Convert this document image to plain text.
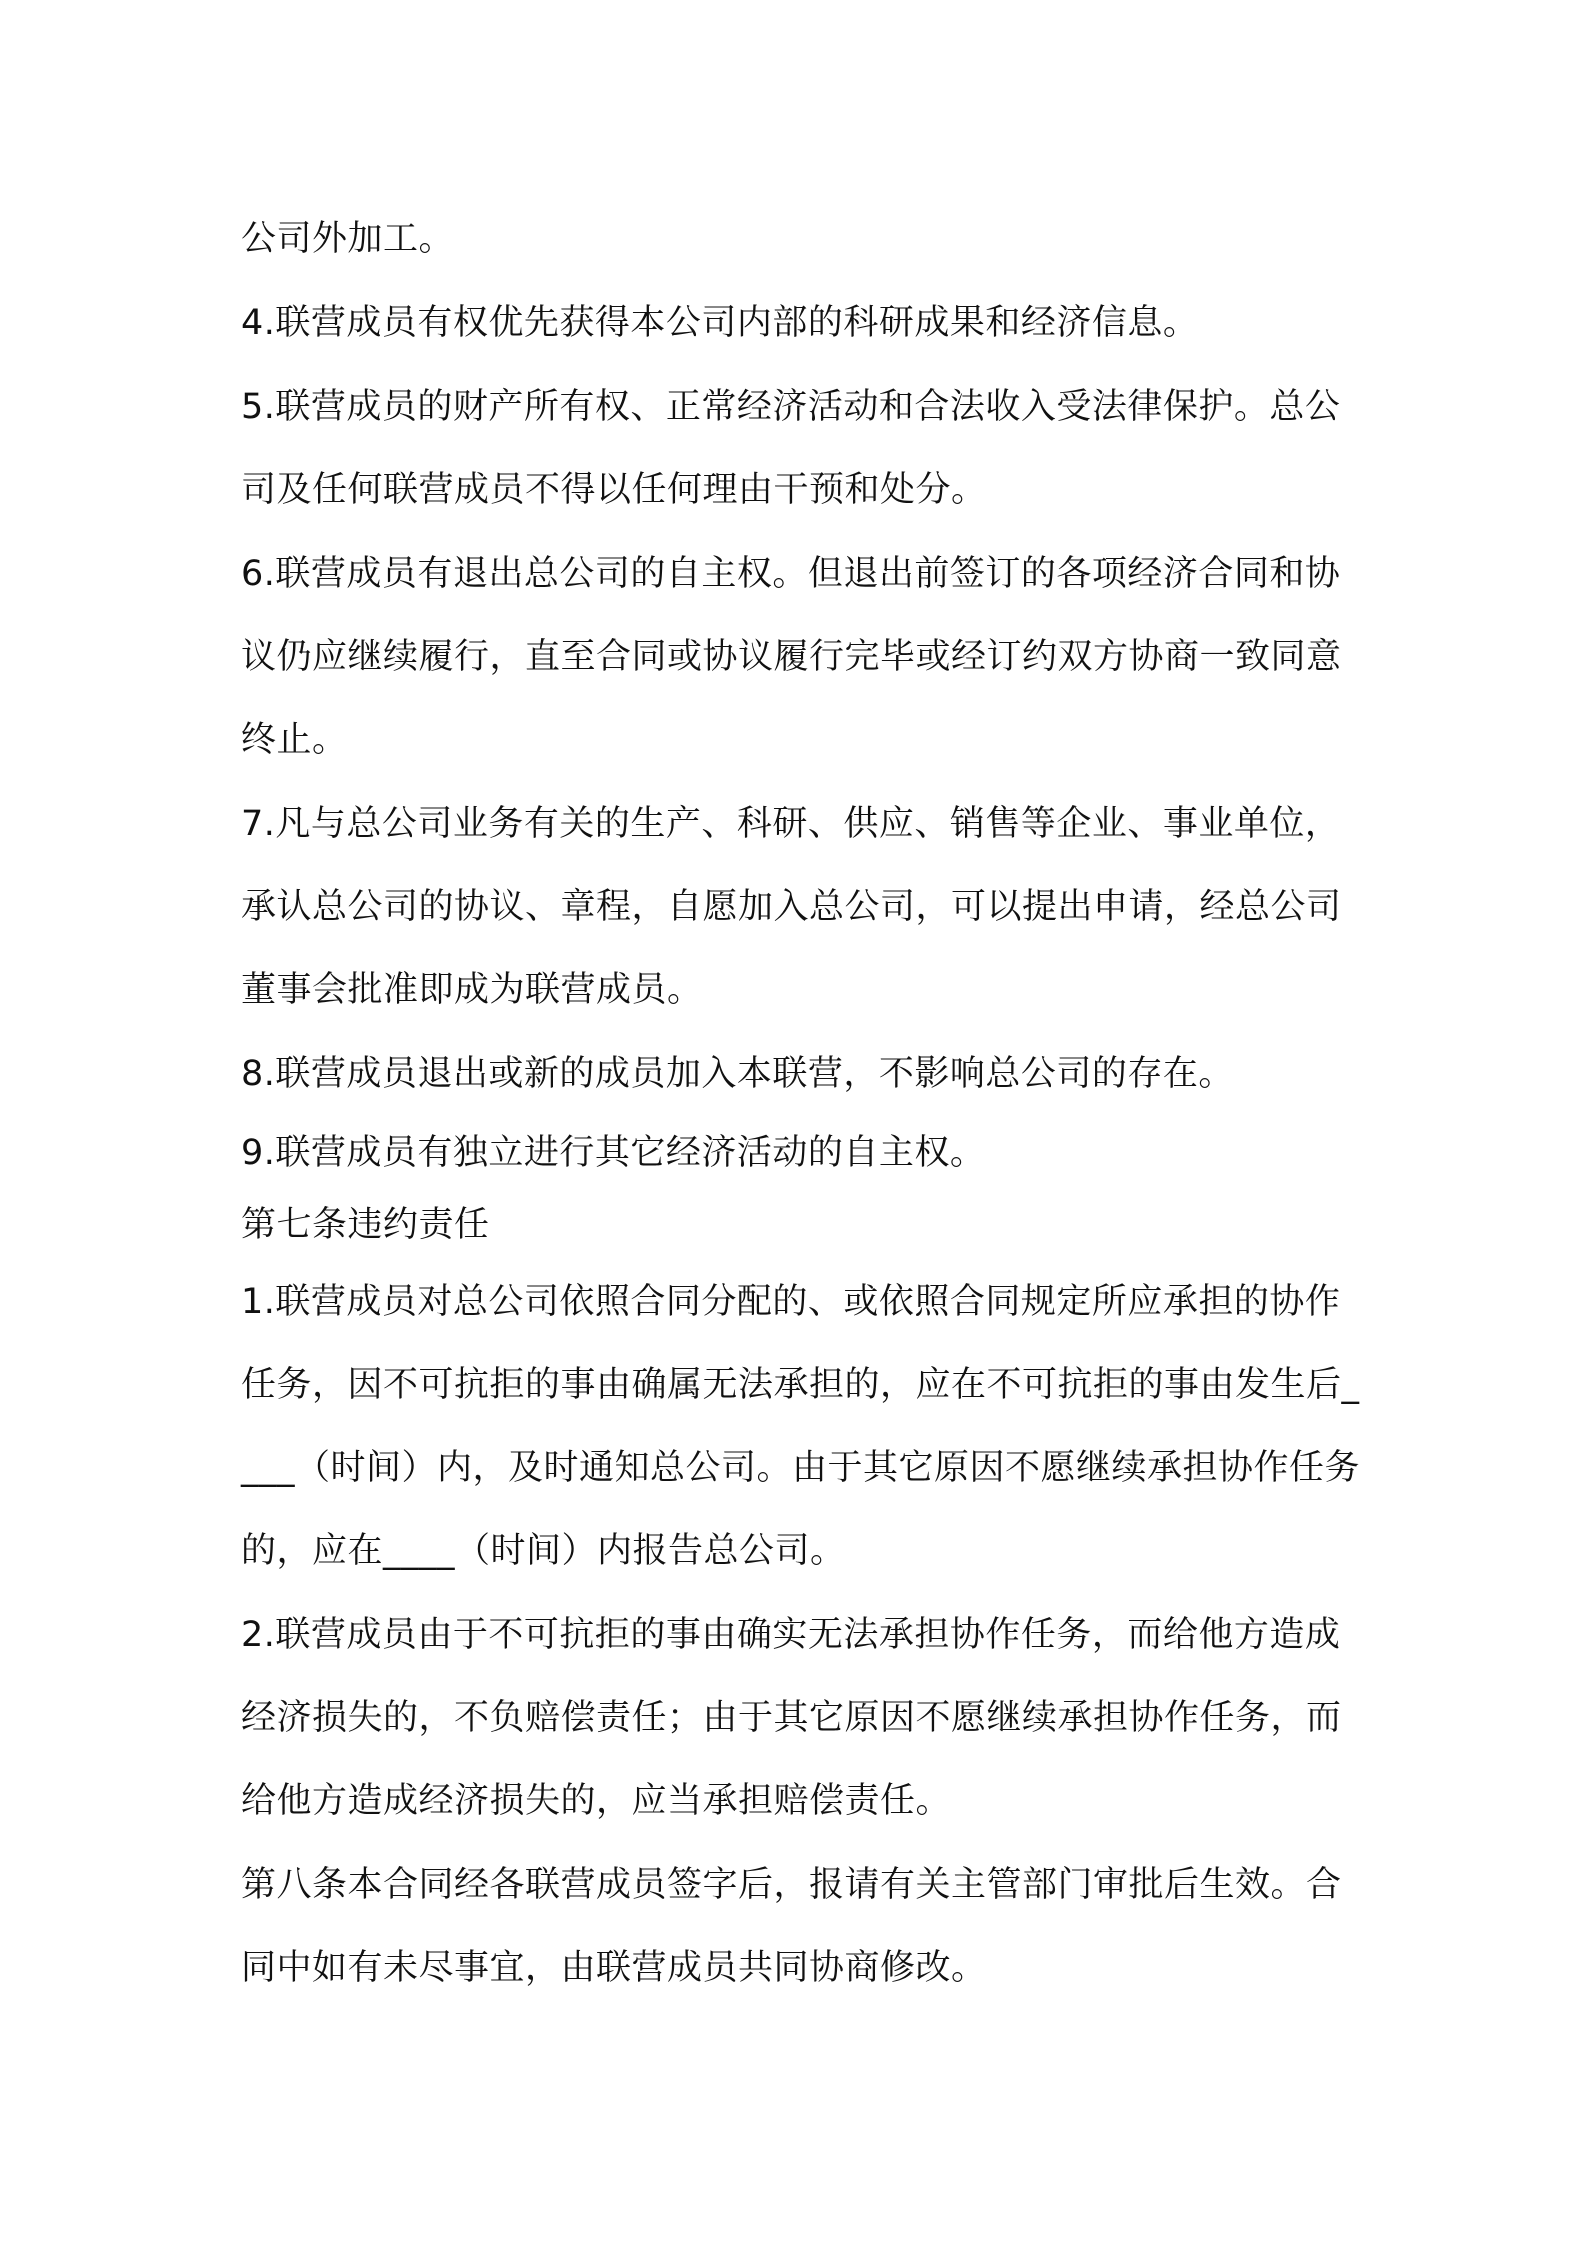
公司外加工。

4.联营成员有权优先获得本公司内部的科研成果和经济信息。

5.联营成员的财产所有权、正常经济活动和合法收入受法律保护。总公司及任何联营成员不得以任何理由干预和处分。

6.联营成员有退出总公司的自主权。但退出前签订的各项经济合同和协议仍应继续履行，直至合同或协议履行完毕或经订约双方协商一致同意终止。

7.凡与总公司业务有关的生产、科研、供应、销售等企业、事业单位，承认总公司的协议、章程，自愿加入总公司，可以提出申请，经总公司董事会批准即成为联营成员。

8.联营成员退出或新的成员加入本联营，不影响总公司的存在。

9.联营成员有独立进行其它经济活动的自主权。

第七条违约责任

1.联营成员对总公司依照合同分配的、或依照合同规定所应承担的协作任务，因不可抗拒的事由确属无法承担的，应在不可抗拒的事由发生后____（时间）内，及时通知总公司。由于其它原因不愿继续承担协作任务的，应在____（时间）内报告总公司。

2.联营成员由于不可抗拒的事由确实无法承担协作任务，而给他方造成经济损失的，不负赔偿责任；由于其它原因不愿继续承担协作任务，而给他方造成经济损失的，应当承担赔偿责任。

第八条本合同经各联营成员签字后，报请有关主管部门审批后生效。合同中如有未尽事宜，由联营成员共同协商修改。
